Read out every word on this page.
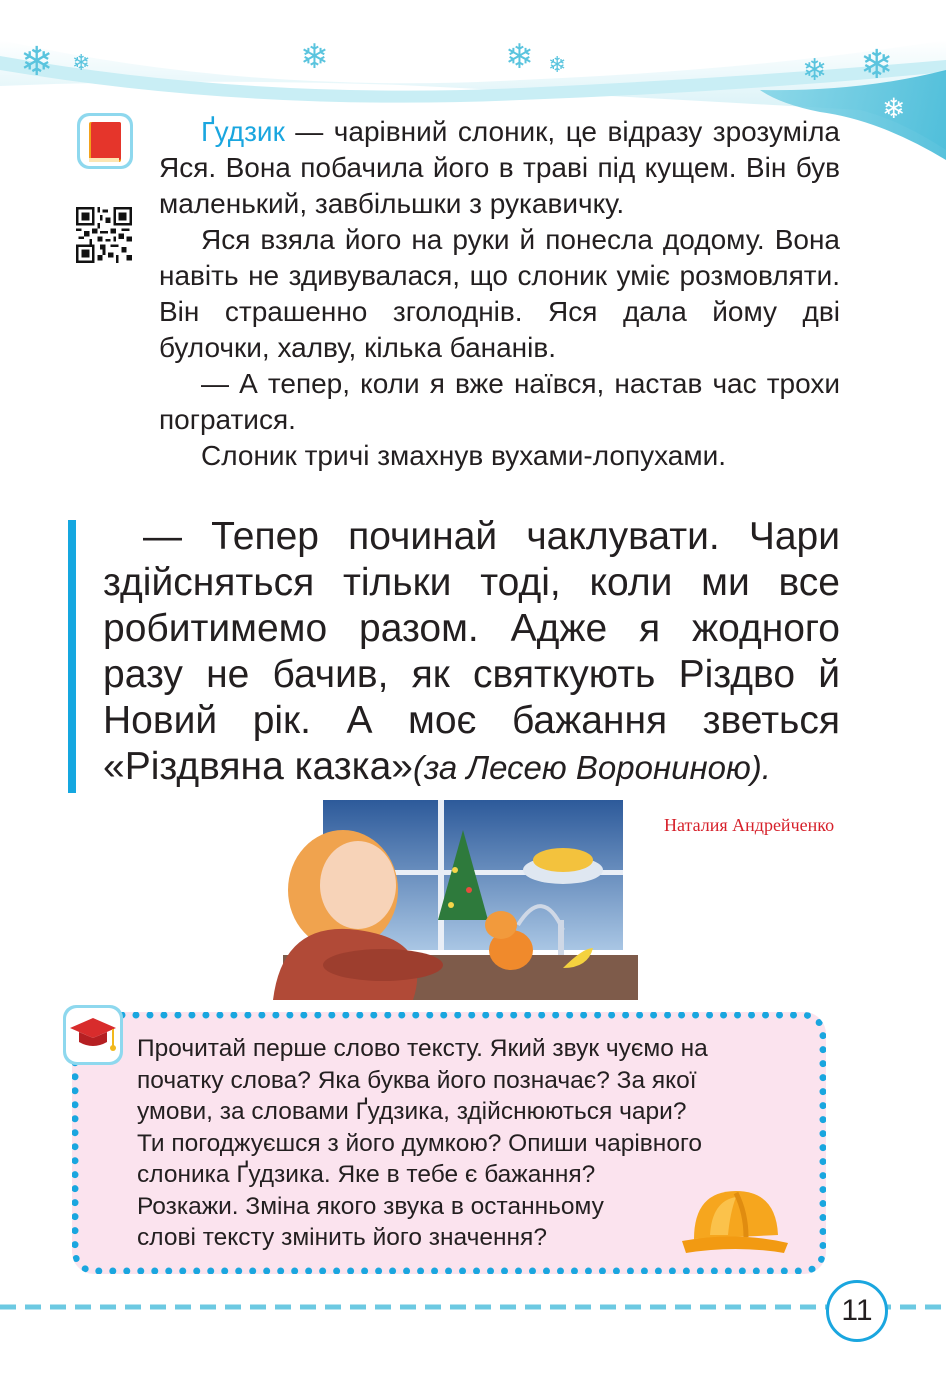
❄ ❄	❄	❄ ❄	❄ ❄
❄

Ґудзик — чарівний слоник, це відразу зрозуміла Яся. Вона побачила його в траві під кущем. Він був маленький, завбільшки з рукавичку.

Яся взяла його на руки й понесла додому. Вона навіть не здивувалася, що слоник уміє розмовляти. Він страшенно зголоднів. Яся дала йому дві булочки, халву, кілька бананів.

— А тепер, коли я вже наївся, настав час трохи погратися.

Слоник тричі змахнув вухами-лопухами.

— Тепер починай чаклувати. Чари здійсняться тільки тоді, коли ми все робитимемо разом. Адже я жодного разу не бачив, як святкують Різдво й Новий рік. А моє бажання зветься «Різдвяна казка»(за Лесею Ворониною).

Наталия Андрейченко
Прочитай перше слово тексту. Який звук чуємо на
початку слова? Яка буква його позначає? За якої
умови, за словами Ґудзика, здійснюються чари?
Ти погоджуєшся з його думкою? Опиши чарівного
слоника Ґудзика. Яке в тебе є бажання?
Розкажи. Зміна якого звука в останньому
слові тексту змінить його значення?
11
